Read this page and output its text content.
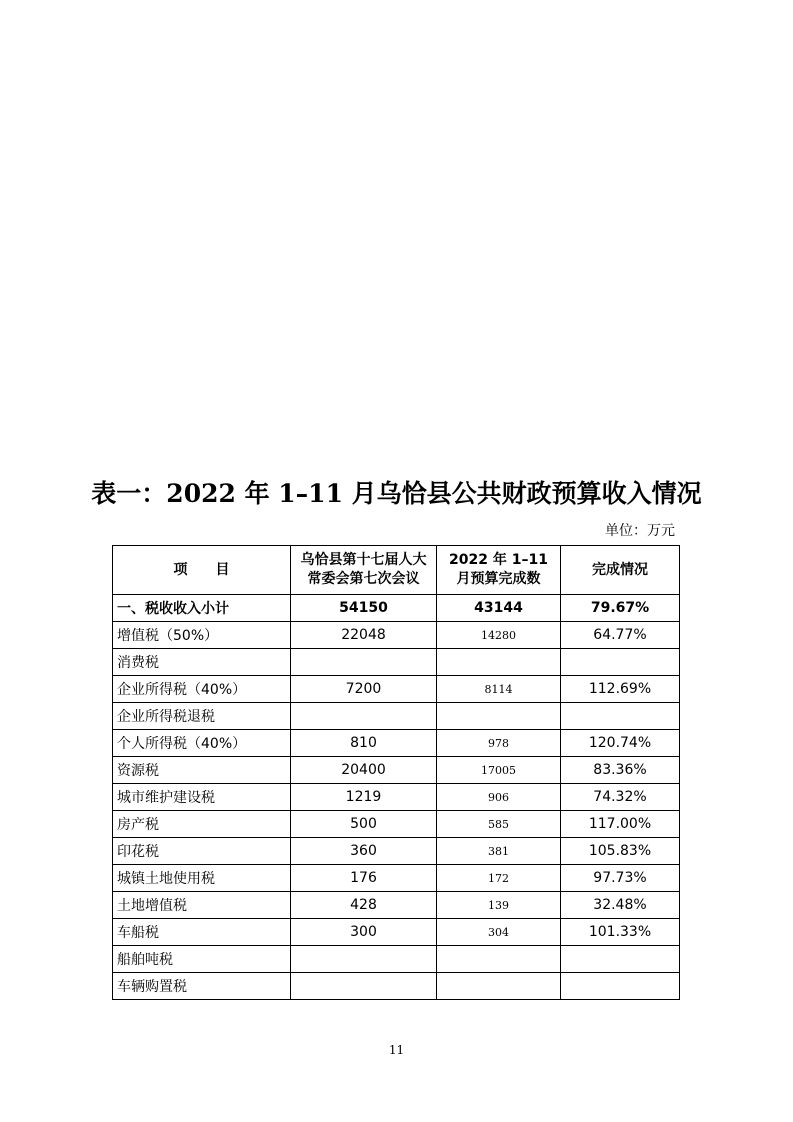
表一：2022 年 1–11 月乌恰县公共财政预算收入情况
单位：万元
项 目	乌恰县第十七届人大常委会第七次会议	2022 年 1–11 月预算完成数	完成情况
一、税收收入小计	54150	43144	79.67%
增值税（50%）	22048	14280	64.77%
消费税			
企业所得税（40%）	7200	8114	112.69%
企业所得税退税			
个人所得税（40%）	810	978	120.74%
资源税	20400	17005	83.36%
城市维护建设税	1219	906	74.32%
房产税	500	585	117.00%
印花税	360	381	105.83%
城镇土地使用税	176	172	97.73%
土地增值税	428	139	32.48%
车船税	300	304	101.33%
船舶吨税			
车辆购置税			
11
